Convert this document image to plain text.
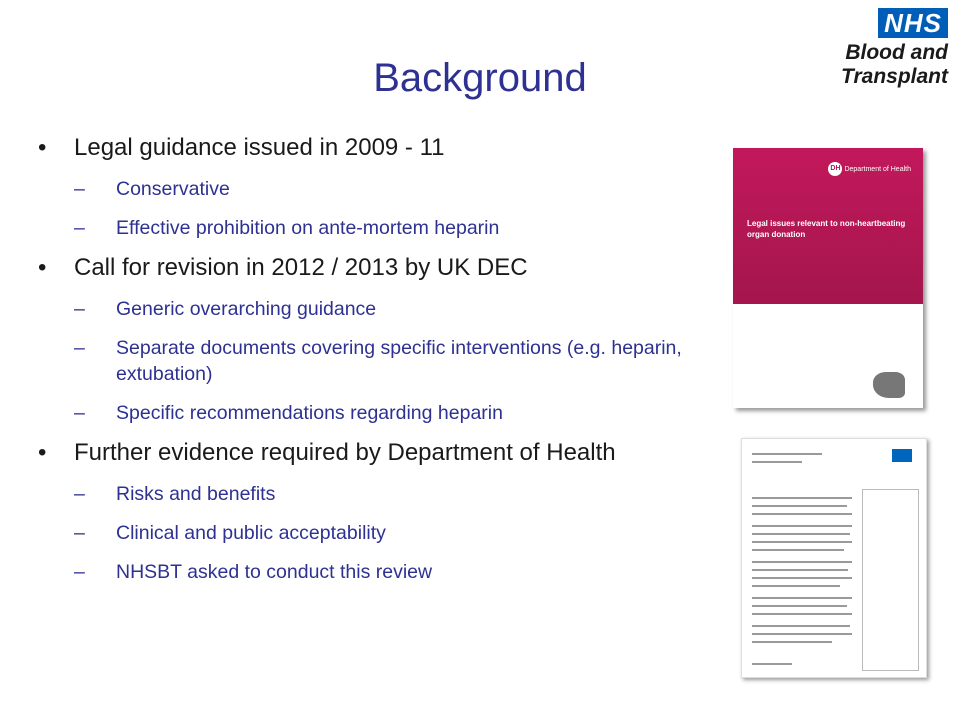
NHS
Blood and Transplant
Background
• Legal guidance issued in 2009 - 11
– Conservative
– Effective prohibition on ante-mortem heparin
• Call for revision in 2012 / 2013 by UK DEC
– Generic overarching guidance
– Separate documents covering specific interventions (e.g. heparin, extubation)
– Specific recommendations regarding heparin
• Further evidence required by Department of Health
– Risks and benefits
– Clinical and public acceptability
– NHSBT asked to conduct this review
DH Department of Health
Legal issues relevant to non-heartbeating organ donation
